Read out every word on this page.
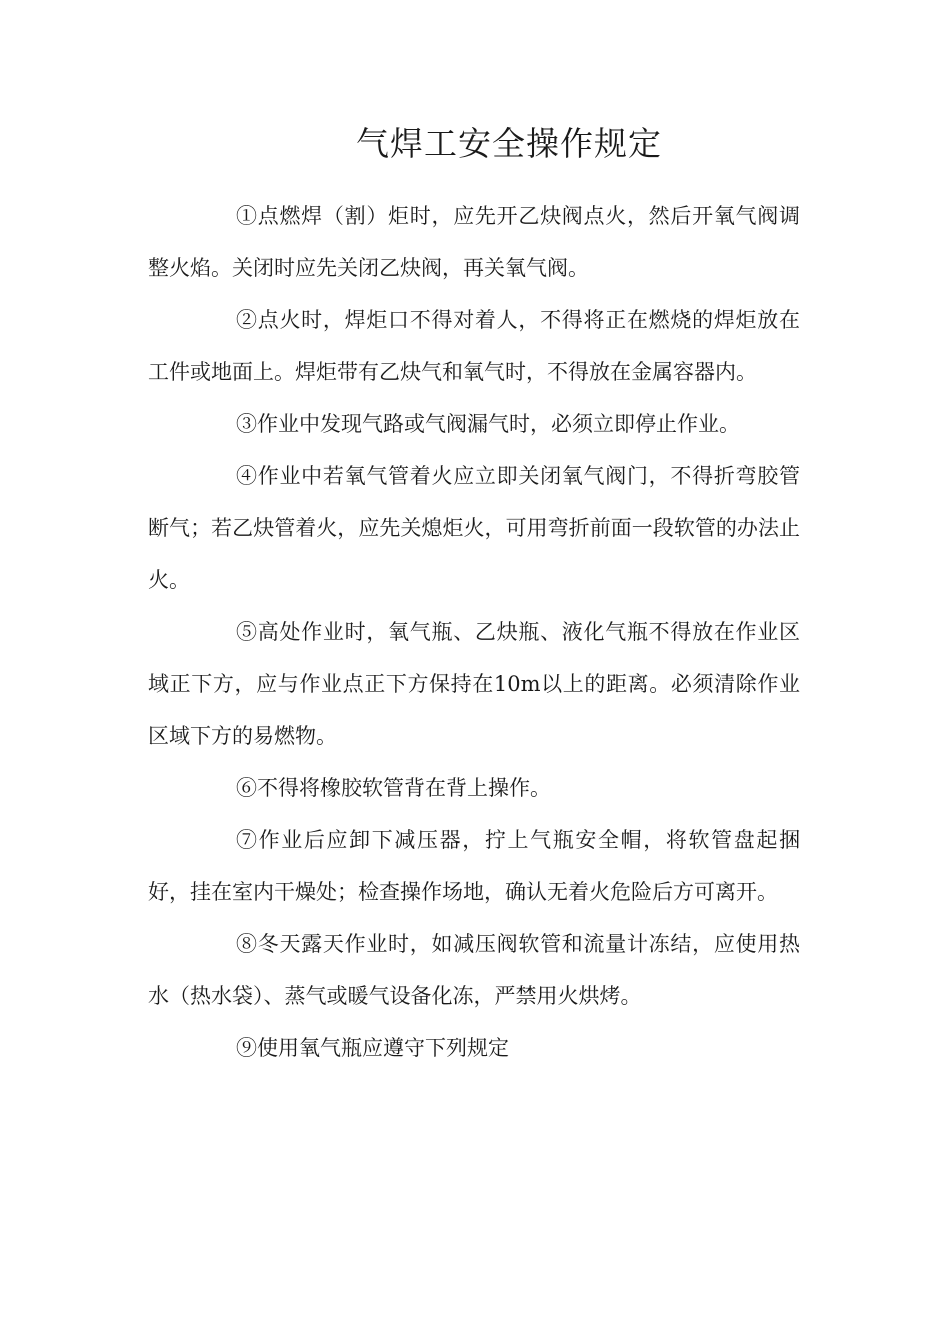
气焊工安全操作规定

①点燃焊（割）炬时，应先开乙炔阀点火，然后开氧气阀调整火焰。关闭时应先关闭乙炔阀，再关氧气阀。

②点火时，焊炬口不得对着人，不得将正在燃烧的焊炬放在工件或地面上。焊炬带有乙炔气和氧气时，不得放在金属容器内。

③作业中发现气路或气阀漏气时，必须立即停止作业。

④作业中若氧气管着火应立即关闭氧气阀门，不得折弯胶管断气；若乙炔管着火，应先关熄炬火，可用弯折前面一段软管的办法止火。

⑤高处作业时，氧气瓶、乙炔瓶、液化气瓶不得放在作业区域正下方，应与作业点正下方保持在10m以上的距离。必须清除作业区域下方的易燃物。

⑥不得将橡胶软管背在背上操作。

⑦作业后应卸下减压器，拧上气瓶安全帽，将软管盘起捆好，挂在室内干燥处；检查操作场地，确认无着火危险后方可离开。

⑧冬天露天作业时，如减压阀软管和流量计冻结，应使用热水（热水袋）、蒸气或暖气设备化冻，严禁用火烘烤。

⑨使用氧气瓶应遵守下列规定
